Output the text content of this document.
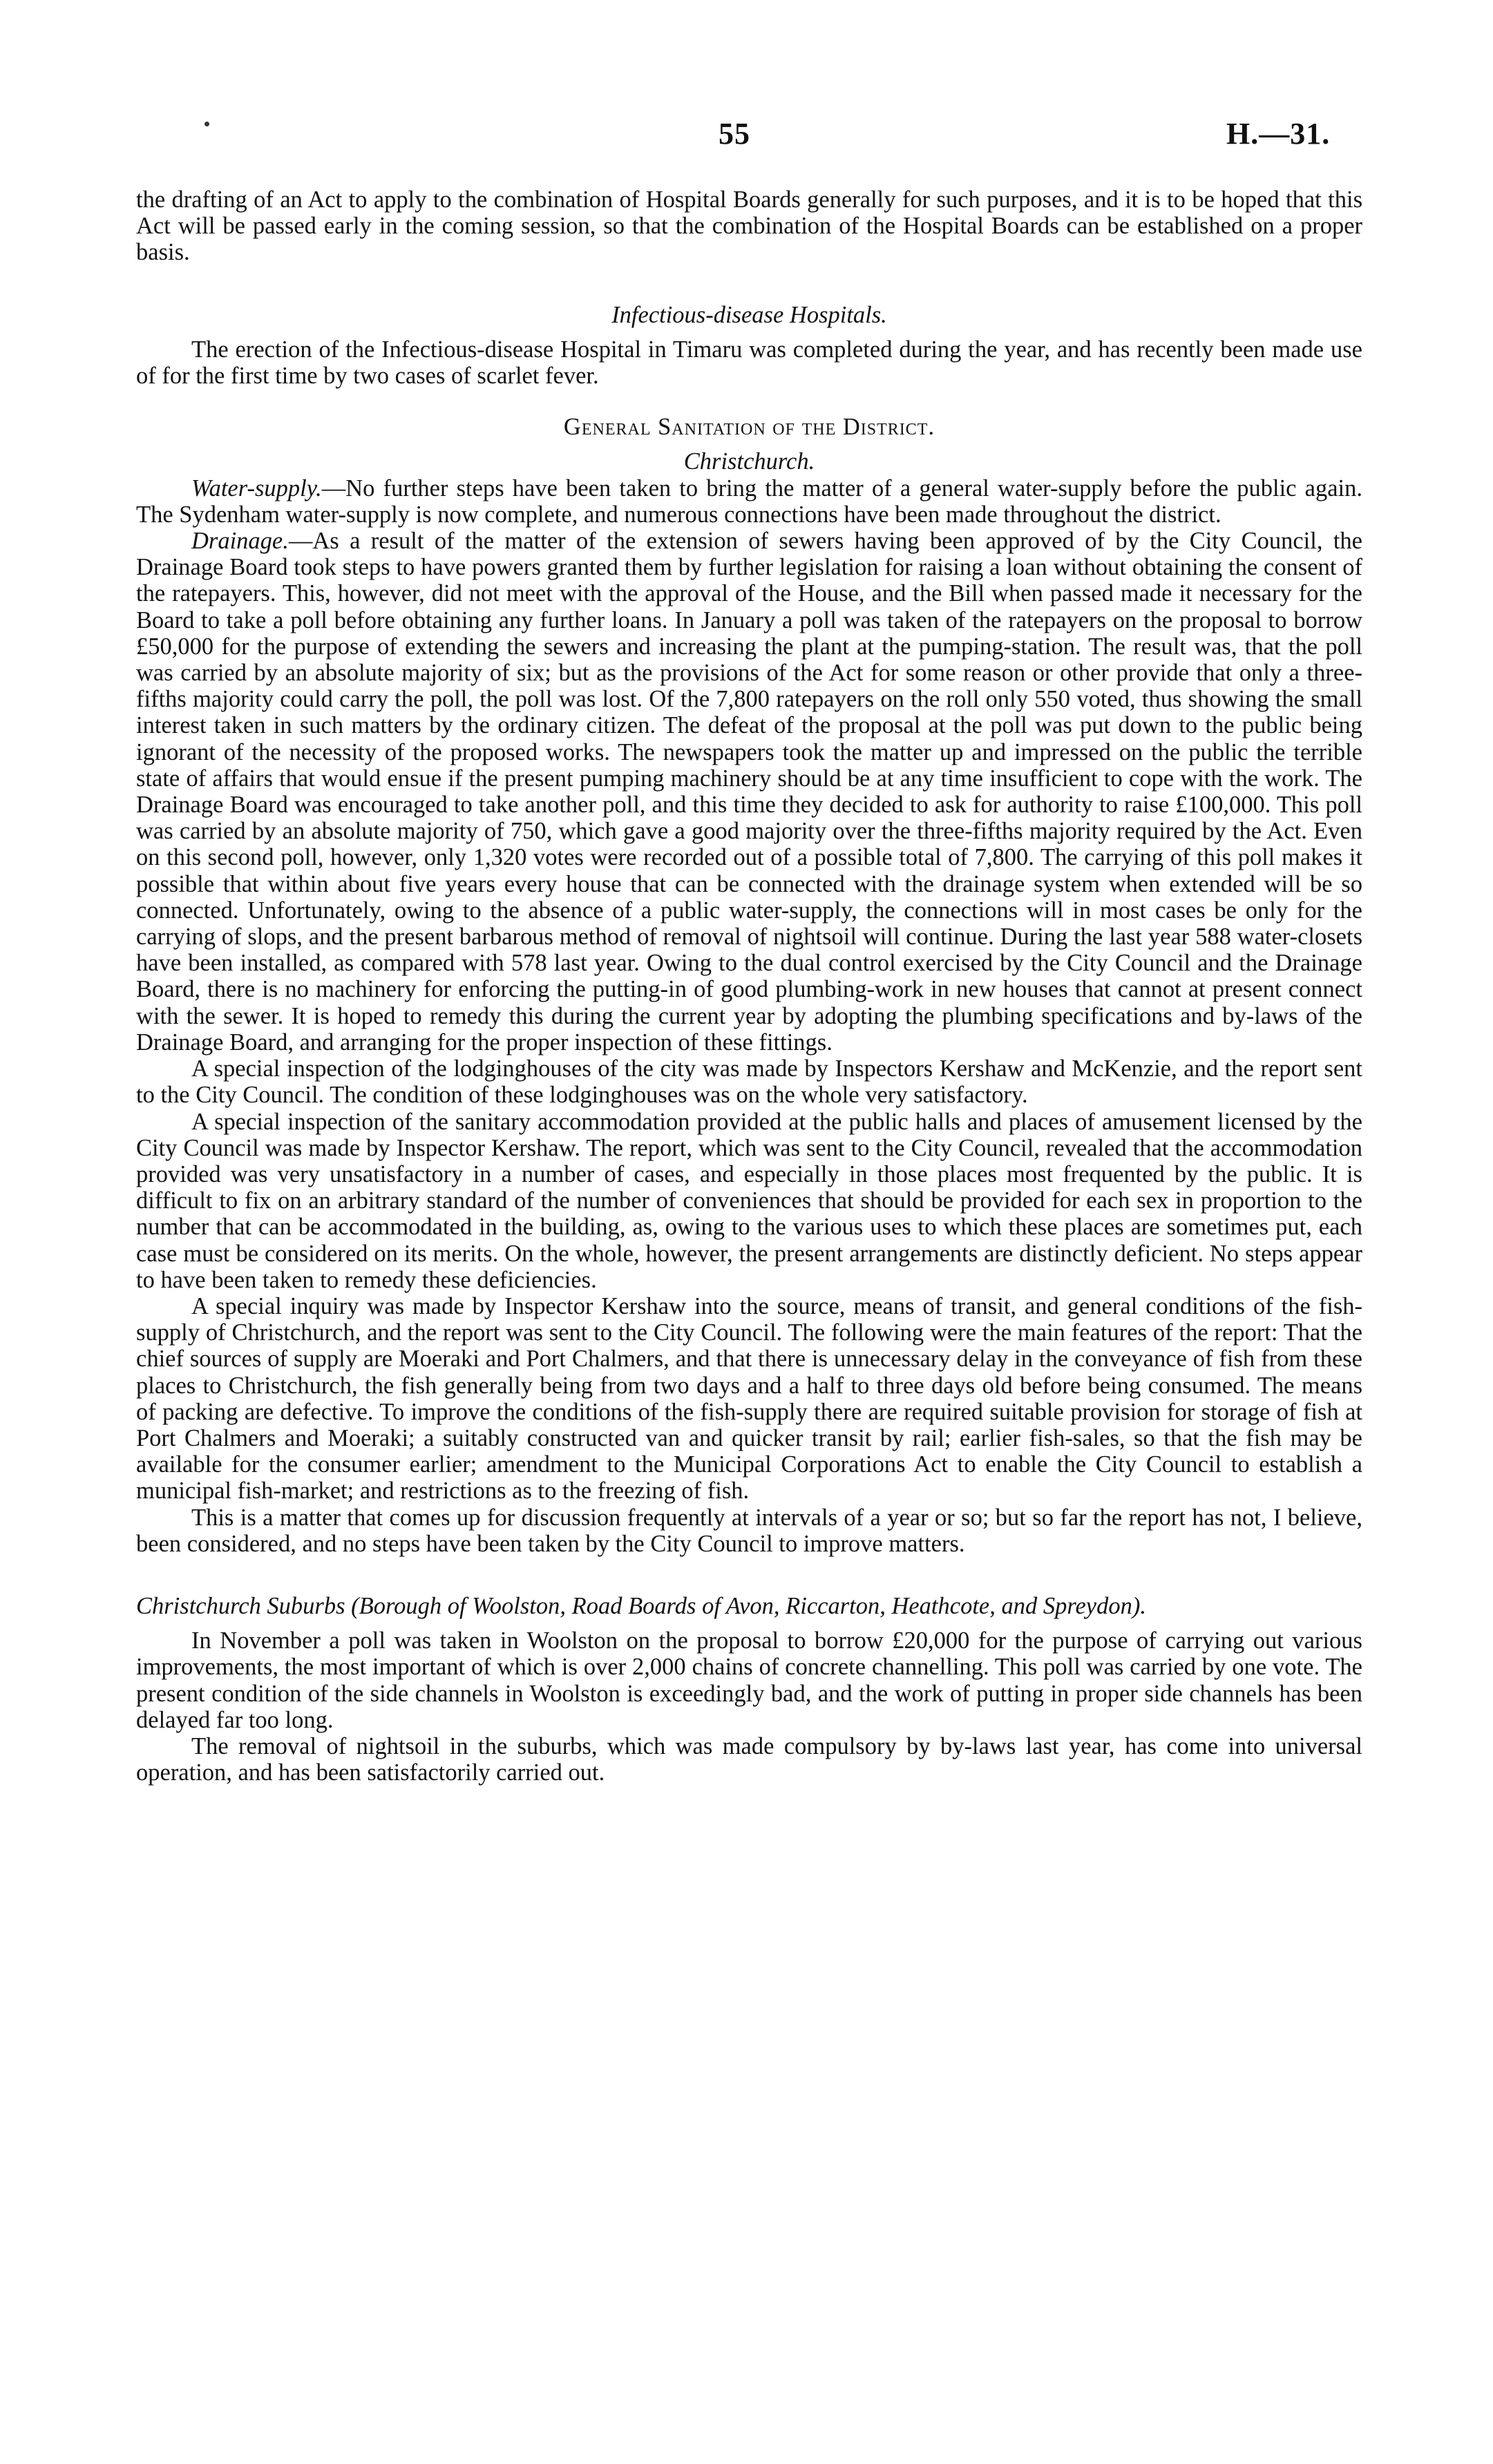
55	H.—31.

the drafting of an Act to apply to the combination of Hospital Boards generally for such purposes, and it is to be hoped that this Act will be passed early in the coming session, so that the combination of the Hospital Boards can be established on a proper basis.

Infectious-disease Hospitals.

The erection of the Infectious-disease Hospital in Timaru was completed during the year, and has recently been made use of for the first time by two cases of scarlet fever.

General Sanitation of the District.

Christchurch.

Water-supply.—No further steps have been taken to bring the matter of a general water-supply before the public again. The Sydenham water-supply is now complete, and numerous connections have been made throughout the district.

Drainage.—As a result of the matter of the extension of sewers having been approved of by the City Council, the Drainage Board took steps to have powers granted them by further legislation for raising a loan without obtaining the consent of the ratepayers. This, however, did not meet with the approval of the House, and the Bill when passed made it necessary for the Board to take a poll before obtaining any further loans. In January a poll was taken of the ratepayers on the proposal to borrow £50,000 for the purpose of extending the sewers and increasing the plant at the pumping-station. The result was, that the poll was carried by an absolute majority of six; but as the provisions of the Act for some reason or other provide that only a three-fifths majority could carry the poll, the poll was lost. Of the 7,800 ratepayers on the roll only 550 voted, thus showing the small interest taken in such matters by the ordinary citizen. The defeat of the proposal at the poll was put down to the public being ignorant of the necessity of the proposed works. The newspapers took the matter up and impressed on the public the terrible state of affairs that would ensue if the present pumping machinery should be at any time insufficient to cope with the work. The Drainage Board was encouraged to take another poll, and this time they decided to ask for authority to raise £100,000. This poll was carried by an absolute majority of 750, which gave a good majority over the three-fifths majority required by the Act. Even on this second poll, however, only 1,320 votes were recorded out of a possible total of 7,800. The carrying of this poll makes it possible that within about five years every house that can be connected with the drainage system when extended will be so connected. Unfortunately, owing to the absence of a public water-supply, the connections will in most cases be only for the carrying of slops, and the present barbarous method of removal of nightsoil will continue. During the last year 588 water-closets have been installed, as compared with 578 last year. Owing to the dual control exercised by the City Council and the Drainage Board, there is no machinery for enforcing the putting-in of good plumbing-work in new houses that cannot at present connect with the sewer. It is hoped to remedy this during the current year by adopting the plumbing specifications and by-laws of the Drainage Board, and arranging for the proper inspection of these fittings.

A special inspection of the lodginghouses of the city was made by Inspectors Kershaw and McKenzie, and the report sent to the City Council. The condition of these lodginghouses was on the whole very satisfactory.

A special inspection of the sanitary accommodation provided at the public halls and places of amusement licensed by the City Council was made by Inspector Kershaw. The report, which was sent to the City Council, revealed that the accommodation provided was very unsatisfactory in a number of cases, and especially in those places most frequented by the public. It is difficult to fix on an arbitrary standard of the number of conveniences that should be provided for each sex in proportion to the number that can be accommodated in the building, as, owing to the various uses to which these places are sometimes put, each case must be considered on its merits. On the whole, however, the present arrangements are distinctly deficient. No steps appear to have been taken to remedy these deficiencies.

A special inquiry was made by Inspector Kershaw into the source, means of transit, and general conditions of the fish-supply of Christchurch, and the report was sent to the City Council. The following were the main features of the report: That the chief sources of supply are Moeraki and Port Chalmers, and that there is unnecessary delay in the conveyance of fish from these places to Christchurch, the fish generally being from two days and a half to three days old before being consumed. The means of packing are defective. To improve the conditions of the fish-supply there are required suitable provision for storage of fish at Port Chalmers and Moeraki; a suitably constructed van and quicker transit by rail; earlier fish-sales, so that the fish may be available for the consumer earlier; amendment to the Municipal Corporations Act to enable the City Council to establish a municipal fish-market; and restrictions as to the freezing of fish.

This is a matter that comes up for discussion frequently at intervals of a year or so; but so far the report has not, I believe, been considered, and no steps have been taken by the City Council to improve matters.

Christchurch Suburbs (Borough of Woolston, Road Boards of Avon, Riccarton, Heathcote, and Spreydon).

In November a poll was taken in Woolston on the proposal to borrow £20,000 for the purpose of carrying out various improvements, the most important of which is over 2,000 chains of concrete channelling. This poll was carried by one vote. The present condition of the side channels in Woolston is exceedingly bad, and the work of putting in proper side channels has been delayed far too long.

The removal of nightsoil in the suburbs, which was made compulsory by by-laws last year, has come into universal operation, and has been satisfactorily carried out.
